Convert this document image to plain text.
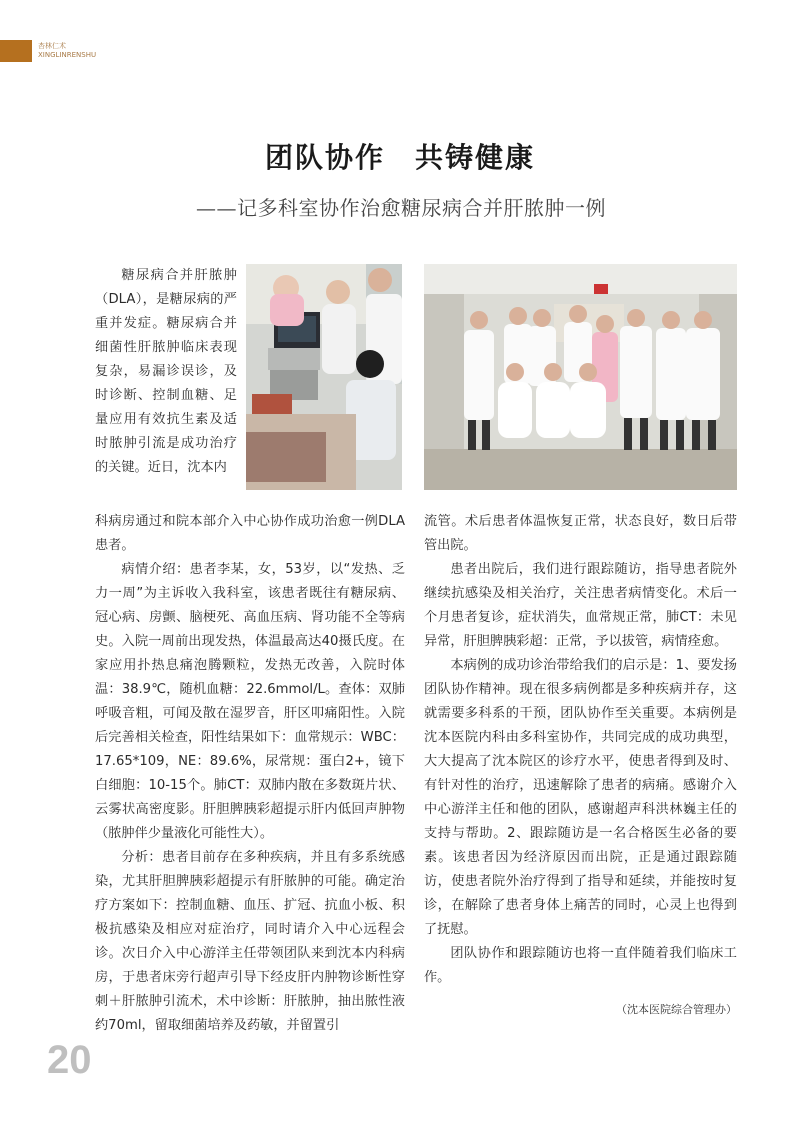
杏林仁术
XINGLINRENSHU
团队协作　共铸健康
——记多科室协作治愈糖尿病合并肝脓肿一例

糖尿病合并肝脓肿（DLA），是糖尿病的严重并发症。糖尿病合并细菌性肝脓肿临床表现复杂，易漏诊误诊，及时诊断、控制血糖、足量应用有效抗生素及适时脓肿引流是成功治疗的关键。近日，沈本内

科病房通过和院本部介入中心协作成功治愈一例DLA患者。

病情介绍：患者李某，女，53岁，以“发热、乏力一周”为主诉收入我科室，该患者既往有糖尿病、冠心病、房颤、脑梗死、高血压病、肾功能不全等病史。入院一周前出现发热，体温最高达40摄氏度。在家应用扑热息痛泡腾颗粒，发热无改善，入院时体温：38.9℃，随机血糖：22.6mmol/L。查体：双肺呼吸音粗，可闻及散在湿罗音，肝区叩痛阳性。入院后完善相关检查，阳性结果如下：血常规示：WBC：17.65*109，NE：89.6%，尿常规：蛋白2+，镜下白细胞：10-15个。肺CT：双肺内散在多数斑片状、云雾状高密度影。肝胆脾胰彩超提示肝内低回声肿物（脓肿伴少量液化可能性大）。

分析：患者目前存在多种疾病，并且有多系统感染，尤其肝胆脾胰彩超提示有肝脓肿的可能。确定治疗方案如下：控制血糖、血压、扩冠、抗血小板、积极抗感染及相应对症治疗，同时请介入中心远程会诊。次日介入中心游洋主任带领团队来到沈本内科病房，于患者床旁行超声引导下经皮肝内肿物诊断性穿刺＋肝脓肿引流术，术中诊断：肝脓肿，抽出脓性液约70ml，留取细菌培养及药敏，并留置引

流管。术后患者体温恢复正常，状态良好，数日后带管出院。

患者出院后，我们进行跟踪随访，指导患者院外继续抗感染及相关治疗，关注患者病情变化。术后一个月患者复诊，症状消失，血常规正常，肺CT：未见异常，肝胆脾胰彩超：正常，予以拔管，病情痊愈。

本病例的成功诊治带给我们的启示是：1、要发扬团队协作精神。现在很多病例都是多种疾病并存，这就需要多科系的干预，团队协作至关重要。本病例是沈本医院内科由多科室协作，共同完成的成功典型，大大提高了沈本院区的诊疗水平，使患者得到及时、有针对性的治疗，迅速解除了患者的病痛。感谢介入中心游洋主任和他的团队，感谢超声科洪林巍主任的支持与帮助。2、跟踪随访是一名合格医生必备的要素。该患者因为经济原因而出院，正是通过跟踪随访，使患者院外治疗得到了指导和延续，并能按时复诊，在解除了患者身体上痛苦的同时，心灵上也得到了抚慰。

团队协作和跟踪随访也将一直伴随着我们临床工作。

（沈本医院综合管理办）
20
